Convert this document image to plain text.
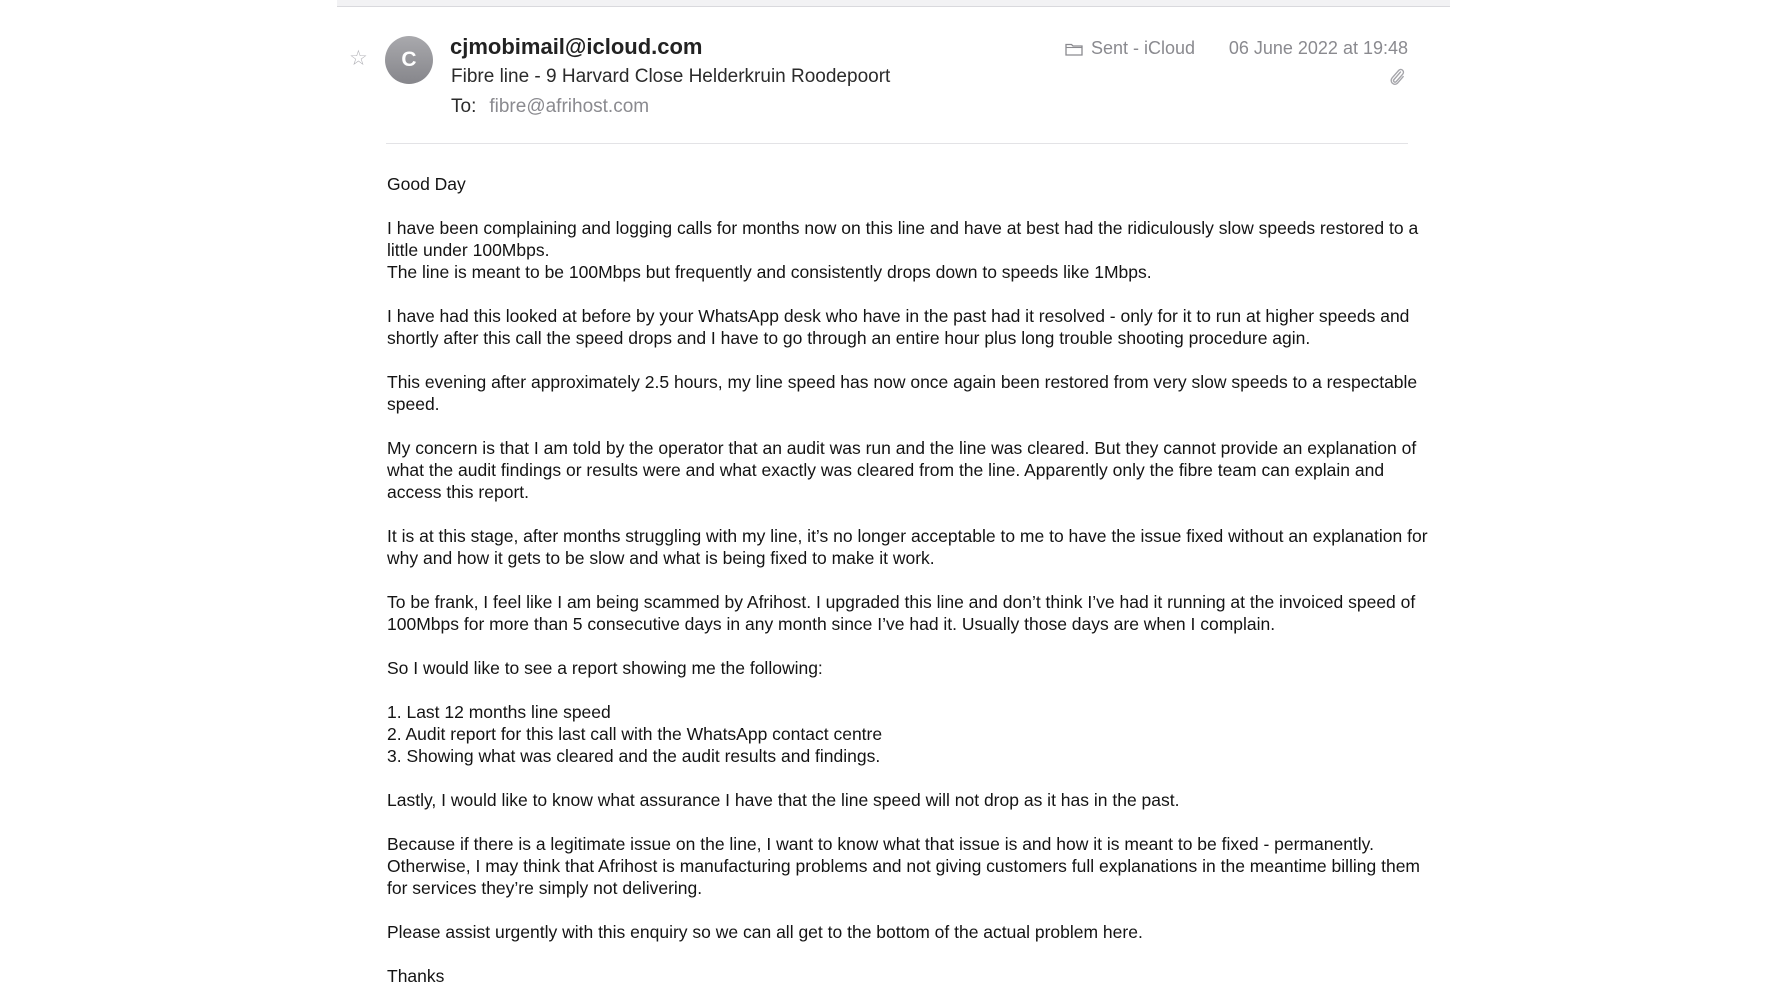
☆ C
cjmobimail@icloud.com
Fibre line - 9 Harvard Close Helderkruin Roodepoort
To: fibre@afrihost.com
Sent - iCloud 06 June 2022 at 19:48

Good Day

I have been complaining and logging calls for months now on this line and have at best had the ridiculously slow speeds restored to a little under 100Mbps.
The line is meant to be 100Mbps but frequently and consistently drops down to speeds like 1Mbps.

I have had this looked at before by your WhatsApp desk who have in the past had it resolved - only for it to run at higher speeds and shortly after this call the speed drops and I have to go through an entire hour plus long trouble shooting procedure agin.

This evening after approximately 2.5 hours, my line speed has now once again been restored from very slow speeds to a respectable speed.

My concern is that I am told by the operator that an audit was run and the line was cleared. But they cannot provide an explanation of what the audit findings or results were and what exactly was cleared from the line. Apparently only the fibre team can explain and access this report.

It is at this stage, after months struggling with my line, it’s no longer acceptable to me to have the issue fixed without an explanation for why and how it gets to be slow and what is being fixed to make it work.

To be frank, I feel like I am being scammed by Afrihost. I upgraded this line and don’t think I’ve had it running at the invoiced speed of 100Mbps for more than 5 consecutive days in any month since I’ve had it. Usually those days are when I complain.

So I would like to see a report showing me the following:

1. Last 12 months line speed
2. Audit report for this last call with the WhatsApp contact centre
3. Showing what was cleared and the audit results and findings.

Lastly, I would like to know what assurance I have that the line speed will not drop as it has in the past.

Because if there is a legitimate issue on the line, I want to know what that issue is and how it is meant to be fixed - permanently. Otherwise, I may think that Afrihost is manufacturing problems and not giving customers full explanations in the meantime billing them for services they’re simply not delivering.

Please assist urgently with this enquiry so we can all get to the bottom of the actual problem here.

Thanks
